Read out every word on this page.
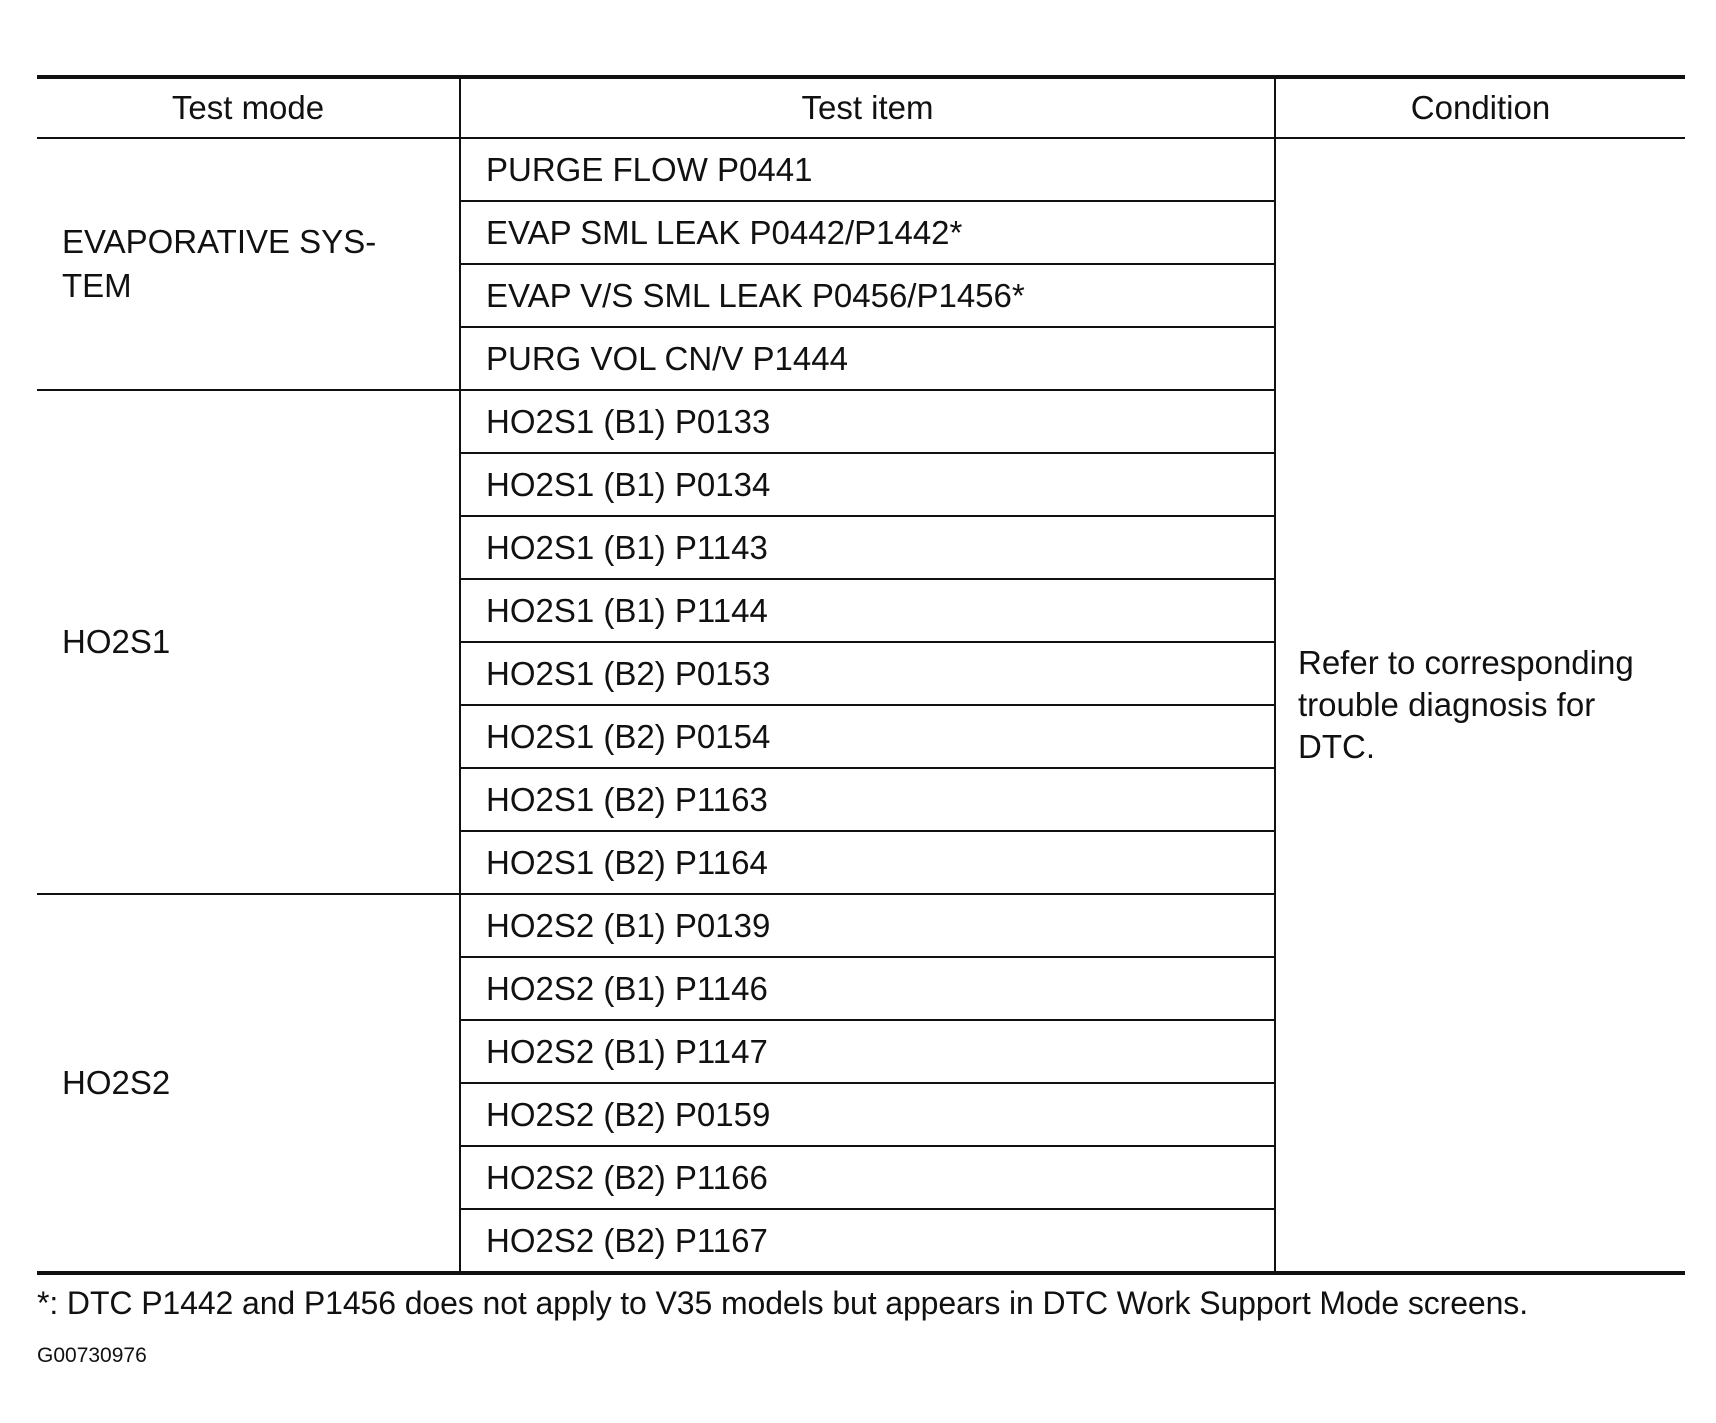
Test mode	Test item	Condition
EVAPORATIVE SYS-
TEM	PURGE FLOW P0441	Refer to corresponding trouble diagnosis for DTC.
	EVAP SML LEAK P0442/P1442*	
	EVAP V/S SML LEAK P0456/P1456*	
	PURG VOL CN/V P1444	
HO2S1	HO2S1 (B1) P0133	
	HO2S1 (B1) P0134	
	HO2S1 (B1) P1143	
	HO2S1 (B1) P1144	
	HO2S1 (B2) P0153	
	HO2S1 (B2) P0154	
	HO2S1 (B2) P1163	
	HO2S1 (B2) P1164	
HO2S2	HO2S2 (B1) P0139	
	HO2S2 (B1) P1146	
	HO2S2 (B1) P1147	
	HO2S2 (B2) P0159	
	HO2S2 (B2) P1166	
	HO2S2 (B2) P1167	
*: DTC P1442 and P1456 does not apply to V35 models but appears in DTC Work Support Mode screens.
G00730976
